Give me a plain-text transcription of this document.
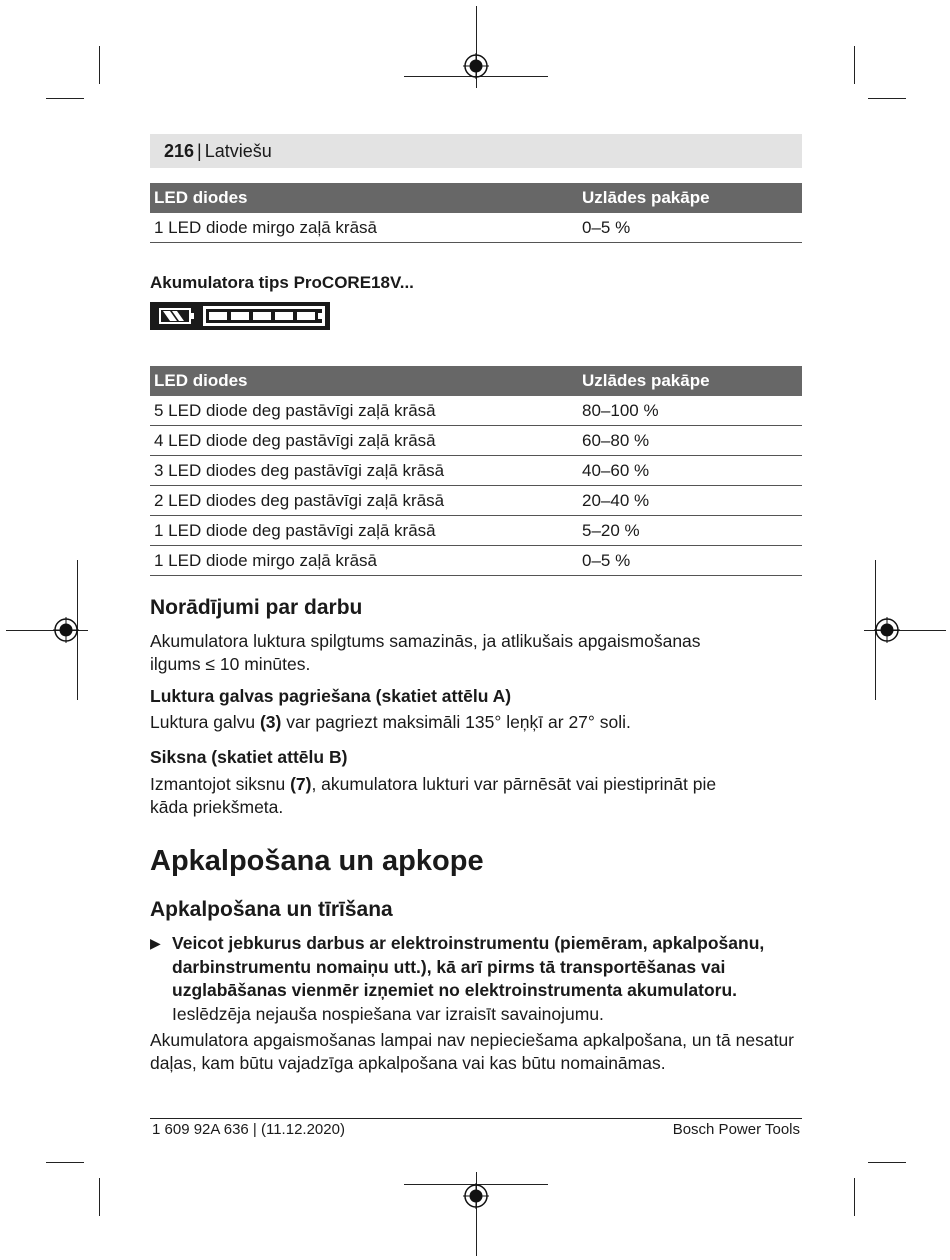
216 | Latviešu
LED diodes	Uzlādes pakāpe
1 LED diode mirgo zaļā krāsā	0–5 %
Akumulatora tips ProCORE18V...
LED diodes	Uzlādes pakāpe
5 LED diode deg pastāvīgi zaļā krāsā	80–100 %
4 LED diode deg pastāvīgi zaļā krāsā	60–80 %
3 LED diodes deg pastāvīgi zaļā krāsā	40–60 %
2 LED diodes deg pastāvīgi zaļā krāsā	20–40 %
1 LED diode deg pastāvīgi zaļā krāsā	5–20 %
1 LED diode mirgo zaļā krāsā	0–5 %
Norādījumi par darbu
Akumulatora luktura spilgtums samazinās, ja atlikušais apgaismošanas ilgums ≤ 10 minūtes.
Luktura galvas pagriešana (skatiet attēlu A)
Luktura galvu (3) var pagriezt maksimāli 135° leņķī ar 27° soli.
Siksna (skatiet attēlu B)
Izmantojot siksnu (7), akumulatora lukturi var pārnēsāt vai piestiprināt pie kāda priekšmeta.
Apkalpošana un apkope
Apkalpošana un tīrīšana
▶ Veicot jebkurus darbus ar elektroinstrumentu (piemēram, apkalpošanu, darbinstrumentu nomaiņu utt.), kā arī pirms tā transportēšanas vai uzglabāšanas vienmēr izņemiet no elektroinstrumenta akumulatoru. Ieslēdzēja nejauša nospiešana var izraisīt savainojumu.
Akumulatora apgaismošanas lampai nav nepieciešama apkalpošana, un tā nesatur daļas, kam būtu vajadzīga apkalpošana vai kas būtu nomaināmas.
1 609 92A 636 | (11.12.2020)	Bosch Power Tools
